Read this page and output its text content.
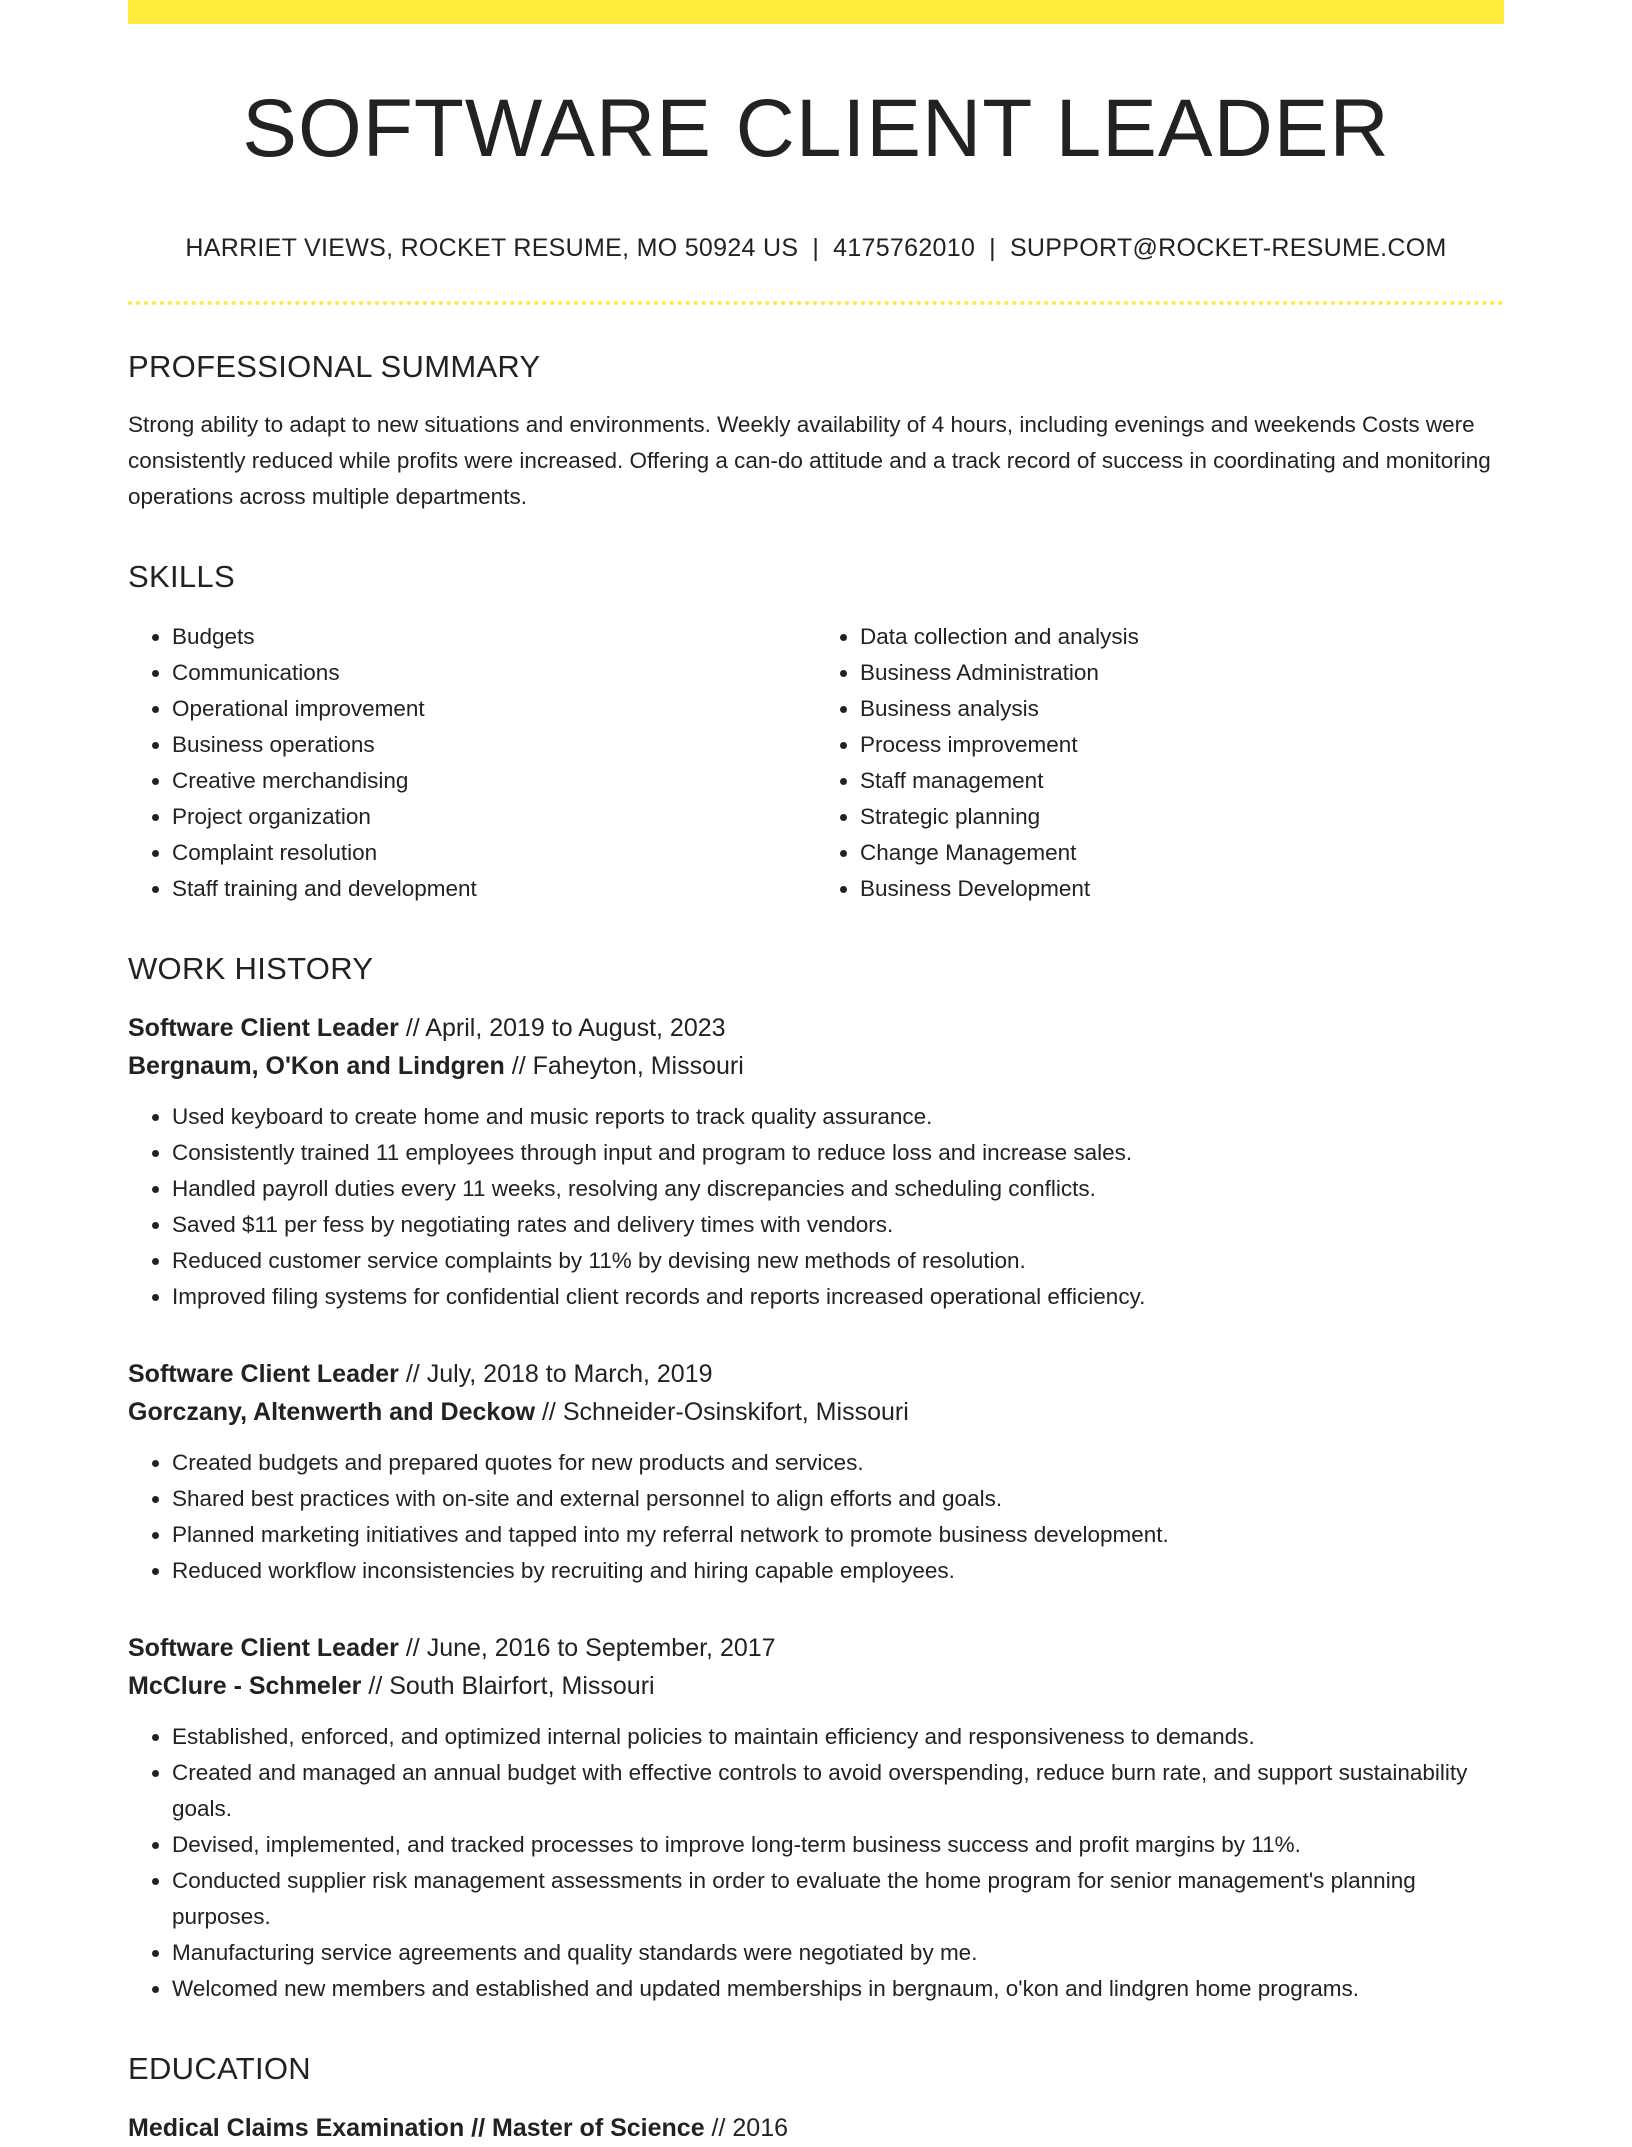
SOFTWARE CLIENT LEADER
HARRIET VIEWS, ROCKET RESUME, MO 50924 US | 4175762010 | SUPPORT@ROCKET-RESUME.COM
PROFESSIONAL SUMMARY
Strong ability to adapt to new situations and environments. Weekly availability of 4 hours, including evenings and weekends Costs were consistently reduced while profits were increased. Offering a can-do attitude and a track record of success in coordinating and monitoring operations across multiple departments.
SKILLS
• Budgets
• Communications
• Operational improvement
• Business operations
• Creative merchandising
• Project organization
• Complaint resolution
• Staff training and development
• Data collection and analysis
• Business Administration
• Business analysis
• Process improvement
• Staff management
• Strategic planning
• Change Management
• Business Development
WORK HISTORY
Software Client Leader // April, 2019 to August, 2023
Bergnaum, O'Kon and Lindgren // Faheyton, Missouri
• Used keyboard to create home and music reports to track quality assurance.
• Consistently trained 11 employees through input and program to reduce loss and increase sales.
• Handled payroll duties every 11 weeks, resolving any discrepancies and scheduling conflicts.
• Saved $11 per fess by negotiating rates and delivery times with vendors.
• Reduced customer service complaints by 11% by devising new methods of resolution.
• Improved filing systems for confidential client records and reports increased operational efficiency.
Software Client Leader // July, 2018 to March, 2019
Gorczany, Altenwerth and Deckow // Schneider-Osinskifort, Missouri
• Created budgets and prepared quotes for new products and services.
• Shared best practices with on-site and external personnel to align efforts and goals.
• Planned marketing initiatives and tapped into my referral network to promote business development.
• Reduced workflow inconsistencies by recruiting and hiring capable employees.
Software Client Leader // June, 2016 to September, 2017
McClure - Schmeler // South Blairfort, Missouri
• Established, enforced, and optimized internal policies to maintain efficiency and responsiveness to demands.
• Created and managed an annual budget with effective controls to avoid overspending, reduce burn rate, and support sustainability goals.
• Devised, implemented, and tracked processes to improve long-term business success and profit margins by 11%.
• Conducted supplier risk management assessments in order to evaluate the home program for senior management's planning purposes.
• Manufacturing service agreements and quality standards were negotiated by me.
• Welcomed new members and established and updated memberships in bergnaum, o'kon and lindgren home programs.
EDUCATION
Medical Claims Examination // Master of Science // 2016
